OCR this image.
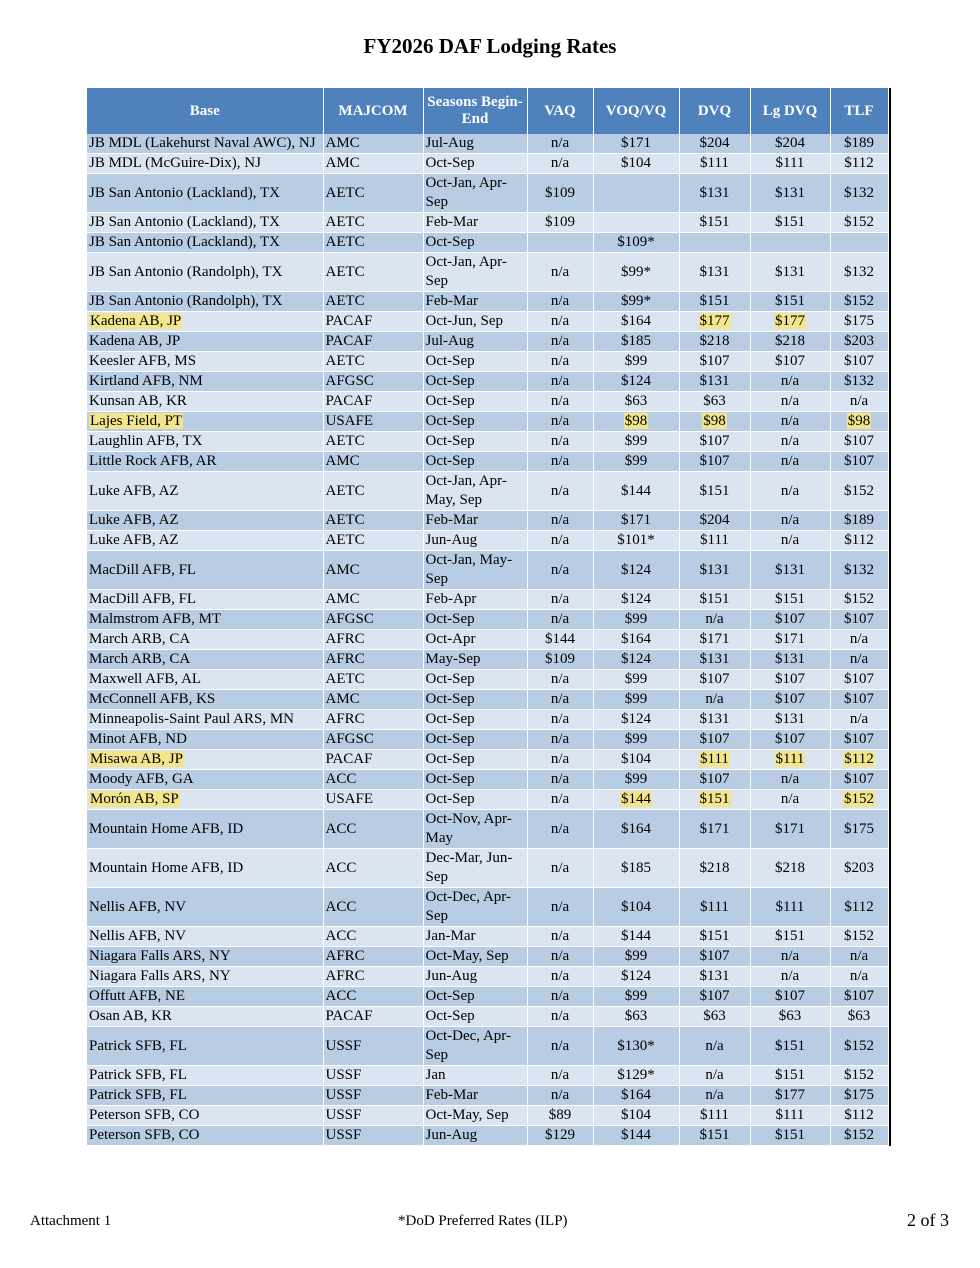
FY2026 DAF Lodging Rates
Base	MAJCOM	Seasons Begin-End	VAQ	VOQ/VQ	DVQ	Lg DVQ	TLF
JB MDL (Lakehurst Naval AWC), NJ	AMC	Jul-Aug	n/a	$171	$204	$204	$189
JB MDL (McGuire-Dix), NJ	AMC	Oct-Sep	n/a	$104	$111	$111	$112
JB San Antonio (Lackland), TX	AETC	Oct-Jan, Apr-Sep	$109		$131	$131	$132
JB San Antonio (Lackland), TX	AETC	Feb-Mar	$109		$151	$151	$152
JB San Antonio (Lackland), TX	AETC	Oct-Sep		$109*			
JB San Antonio (Randolph), TX	AETC	Oct-Jan, Apr-Sep	n/a	$99*	$131	$131	$132
JB San Antonio (Randolph), TX	AETC	Feb-Mar	n/a	$99*	$151	$151	$152
Kadena AB, JP	PACAF	Oct-Jun, Sep	n/a	$164	$177	$177	$175
Kadena AB, JP	PACAF	Jul-Aug	n/a	$185	$218	$218	$203
Keesler AFB, MS	AETC	Oct-Sep	n/a	$99	$107	$107	$107
Kirtland AFB, NM	AFGSC	Oct-Sep	n/a	$124	$131	n/a	$132
Kunsan AB, KR	PACAF	Oct-Sep	n/a	$63	$63	n/a	n/a
Lajes Field, PT	USAFE	Oct-Sep	n/a	$98	$98	n/a	$98
Laughlin AFB, TX	AETC	Oct-Sep	n/a	$99	$107	n/a	$107
Little Rock AFB, AR	AMC	Oct-Sep	n/a	$99	$107	n/a	$107
Luke AFB, AZ	AETC	Oct-Jan, Apr-May, Sep	n/a	$144	$151	n/a	$152
Luke AFB, AZ	AETC	Feb-Mar	n/a	$171	$204	n/a	$189
Luke AFB, AZ	AETC	Jun-Aug	n/a	$101*	$111	n/a	$112
MacDill AFB, FL	AMC	Oct-Jan, May-Sep	n/a	$124	$131	$131	$132
MacDill AFB, FL	AMC	Feb-Apr	n/a	$124	$151	$151	$152
Malmstrom AFB, MT	AFGSC	Oct-Sep	n/a	$99	n/a	$107	$107
March ARB, CA	AFRC	Oct-Apr	$144	$164	$171	$171	n/a
March ARB, CA	AFRC	May-Sep	$109	$124	$131	$131	n/a
Maxwell AFB, AL	AETC	Oct-Sep	n/a	$99	$107	$107	$107
McConnell AFB, KS	AMC	Oct-Sep	n/a	$99	n/a	$107	$107
Minneapolis-Saint Paul ARS, MN	AFRC	Oct-Sep	n/a	$124	$131	$131	n/a
Minot AFB, ND	AFGSC	Oct-Sep	n/a	$99	$107	$107	$107
Misawa AB, JP	PACAF	Oct-Sep	n/a	$104	$111	$111	$112
Moody AFB, GA	ACC	Oct-Sep	n/a	$99	$107	n/a	$107
Morón AB, SP	USAFE	Oct-Sep	n/a	$144	$151	n/a	$152
Mountain Home AFB, ID	ACC	Oct-Nov, Apr-May	n/a	$164	$171	$171	$175
Mountain Home AFB, ID	ACC	Dec-Mar, Jun-Sep	n/a	$185	$218	$218	$203
Nellis AFB, NV	ACC	Oct-Dec, Apr-Sep	n/a	$104	$111	$111	$112
Nellis AFB, NV	ACC	Jan-Mar	n/a	$144	$151	$151	$152
Niagara Falls ARS, NY	AFRC	Oct-May, Sep	n/a	$99	$107	n/a	n/a
Niagara Falls ARS, NY	AFRC	Jun-Aug	n/a	$124	$131	n/a	n/a
Offutt AFB, NE	ACC	Oct-Sep	n/a	$99	$107	$107	$107
Osan AB, KR	PACAF	Oct-Sep	n/a	$63	$63	$63	$63
Patrick SFB, FL	USSF	Oct-Dec, Apr-Sep	n/a	$130*	n/a	$151	$152
Patrick SFB, FL	USSF	Jan	n/a	$129*	n/a	$151	$152
Patrick SFB, FL	USSF	Feb-Mar	n/a	$164	n/a	$177	$175
Peterson SFB, CO	USSF	Oct-May, Sep	$89	$104	$111	$111	$112
Peterson SFB, CO	USSF	Jun-Aug	$129	$144	$151	$151	$152
Attachment 1	*DoD Preferred Rates (ILP)	2 of 3
